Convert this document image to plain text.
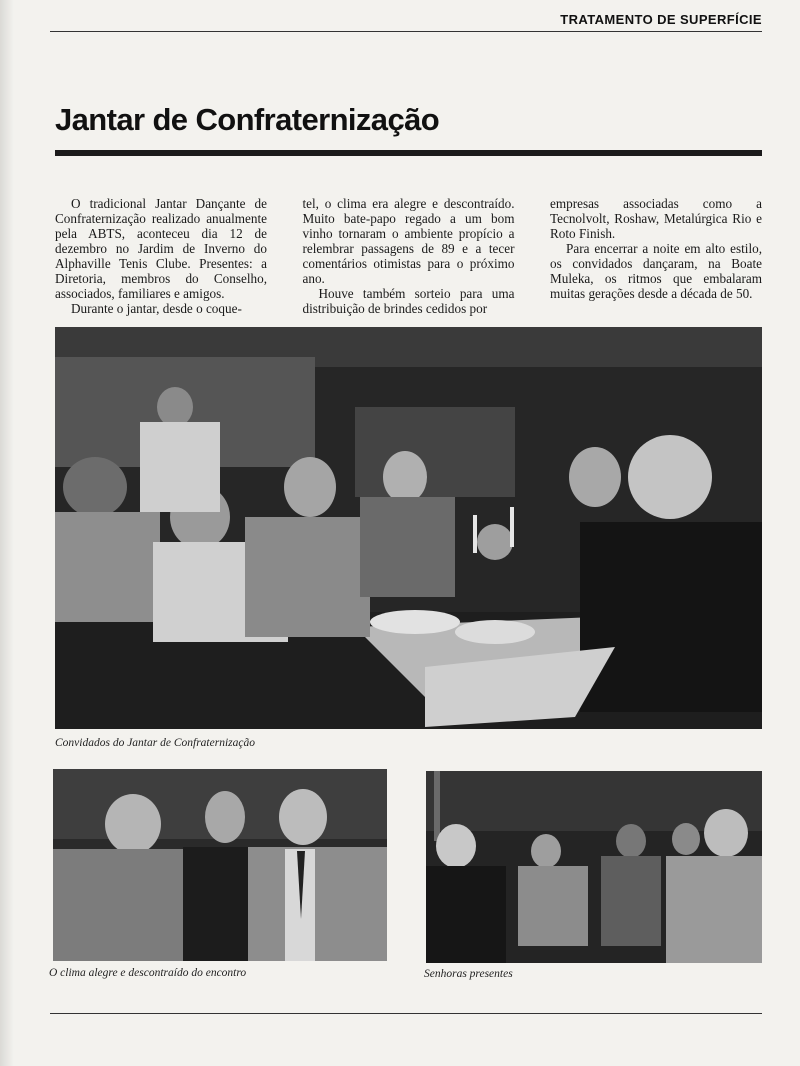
TRATAMENTO DE SUPERFÍCIE
Jantar de Confraternização

O tradicional Jantar Dançante de Confraternização realizado anualmente pela ABTS, aconteceu dia 12 de dezembro no Jardim de Inverno do Alphaville Tenis Clube. Presentes: a Diretoria, membros do Conselho, associados, familiares e amigos.

Durante o jantar, desde o coque-

tel, o clima era alegre e descontraído. Muito bate-papo regado a um bom vinho tornaram o ambiente propício a relembrar passagens de 89 e a tecer comentários otimistas para o próximo ano.

Houve também sorteio para uma distribuição de brindes cedidos por

empresas associadas como a Tecnolvolt, Roshaw, Metalúrgica Rio e Roto Finish.

Para encerrar a noite em alto estilo, os convidados dançaram, na Boate Muleka, os ritmos que embalaram muitas gerações desde a década de 50.

Convidados do Jantar de Confraternização
O clima alegre e descontraído do encontro	Senhoras presentes
